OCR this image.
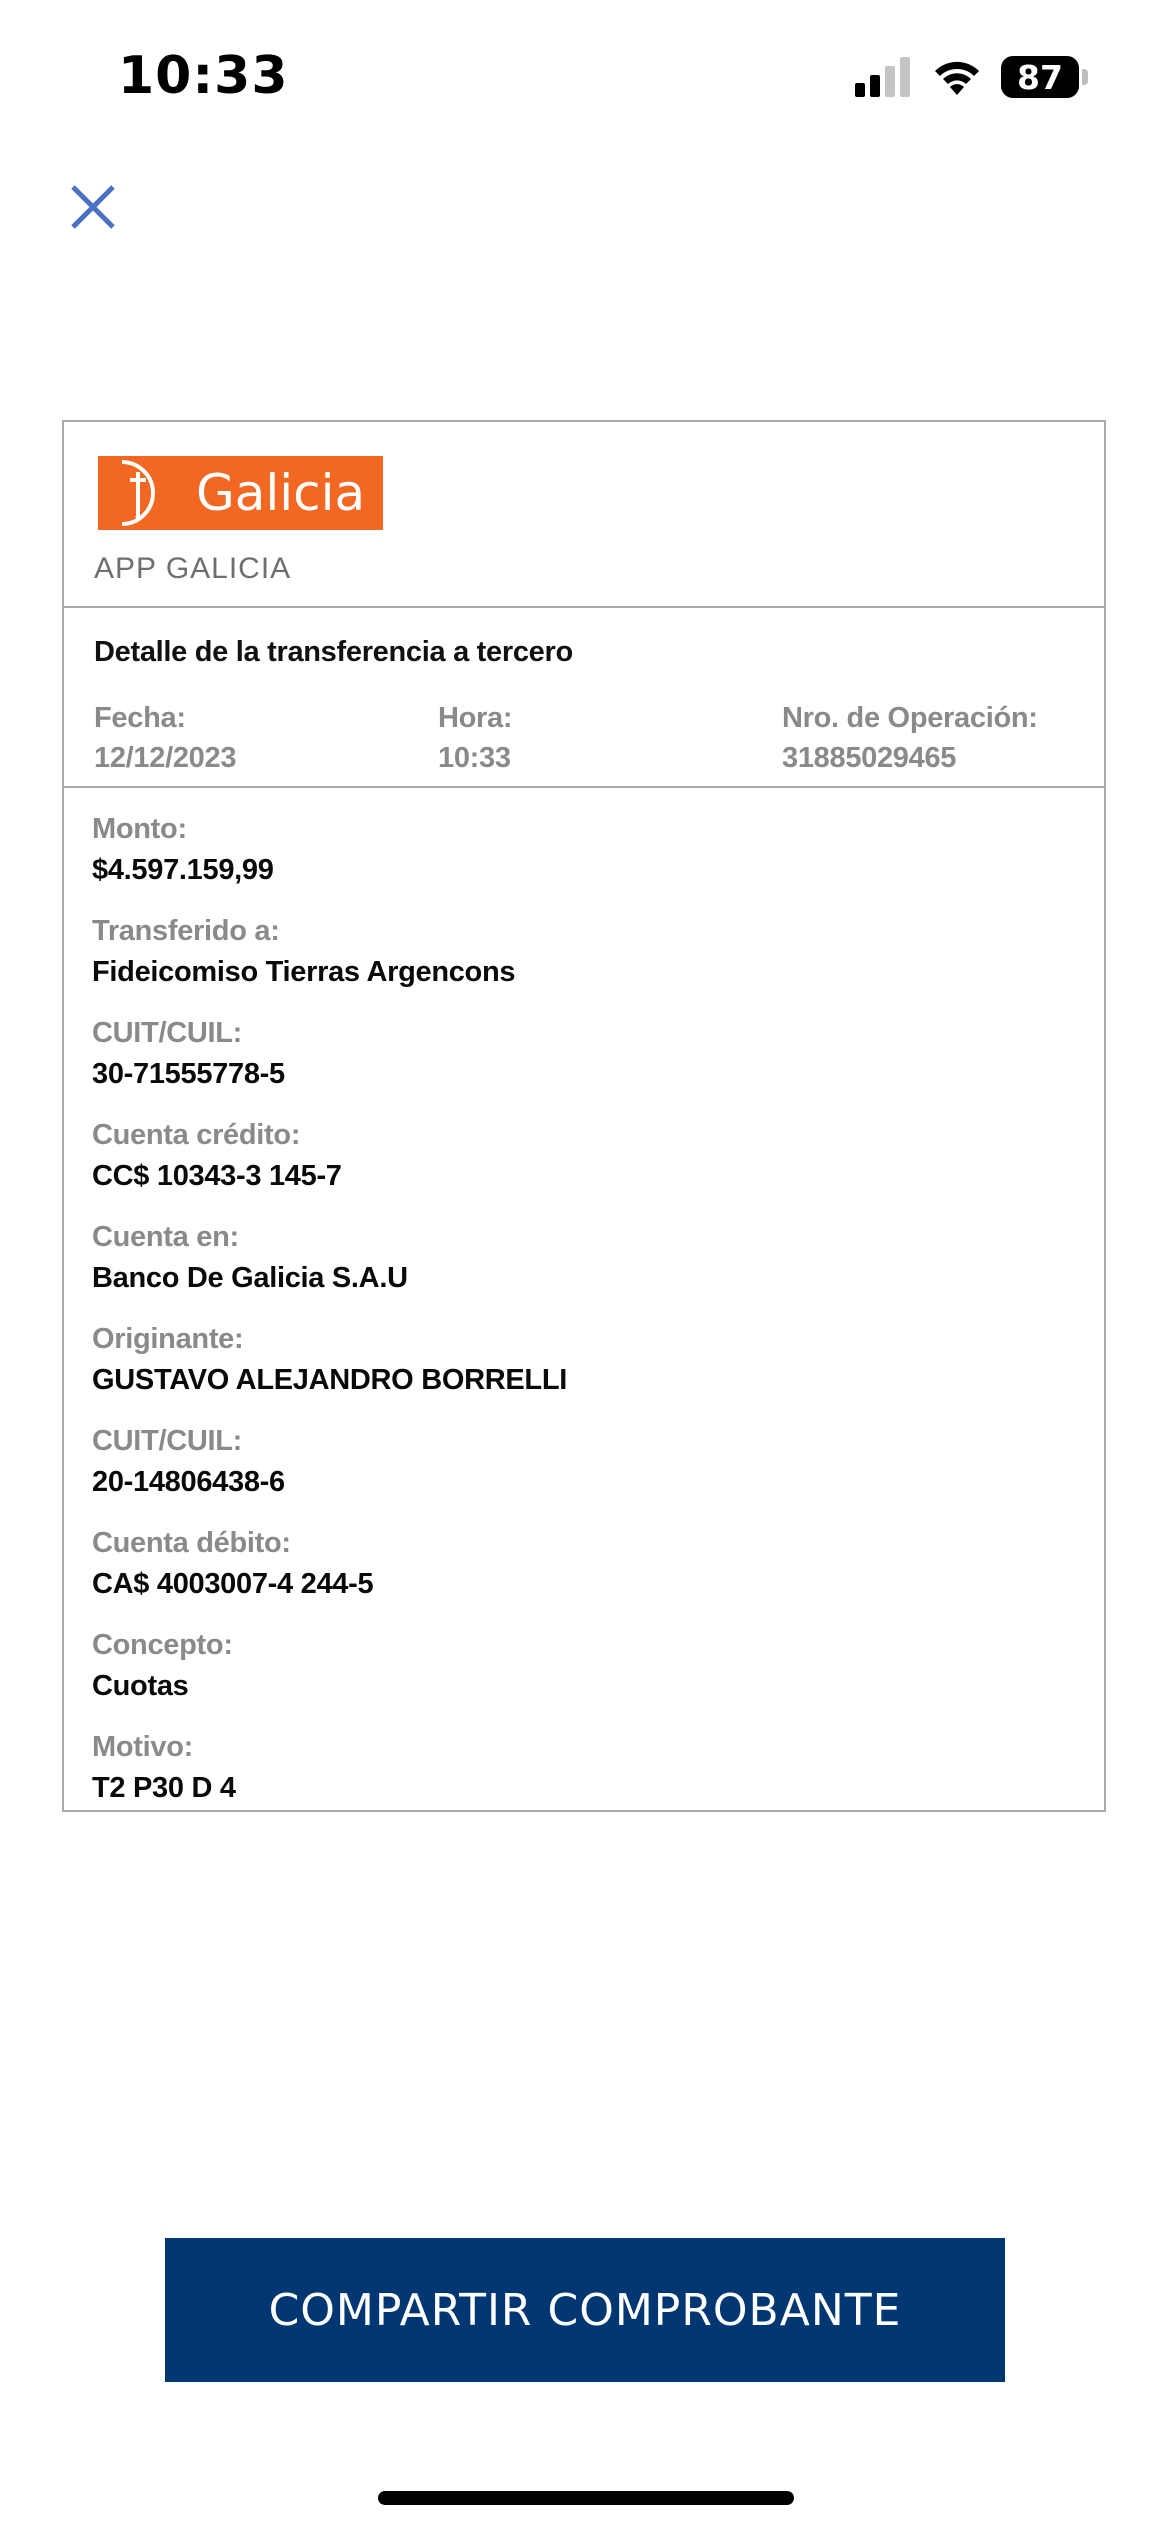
10:33	87
Galicia
APP GALICIA
Detalle de la transferencia a tercero
Fecha:
12/12/2023
Hora:
10:33
Nro. de Operación:
31885029465
Monto:
$4.597.159,99
Transferido a:
Fideicomiso Tierras Argencons
CUIT/CUIL:
30-71555778-5
Cuenta crédito:
CC$ 10343-3 145-7
Cuenta en:
Banco De Galicia S.A.U
Originante:
GUSTAVO ALEJANDRO BORRELLI
CUIT/CUIL:
20-14806438-6
Cuenta débito:
CA$ 4003007-4 244-5
Concepto:
Cuotas
Motivo:
T2 P30 D 4
COMPARTIR COMPROBANTE
